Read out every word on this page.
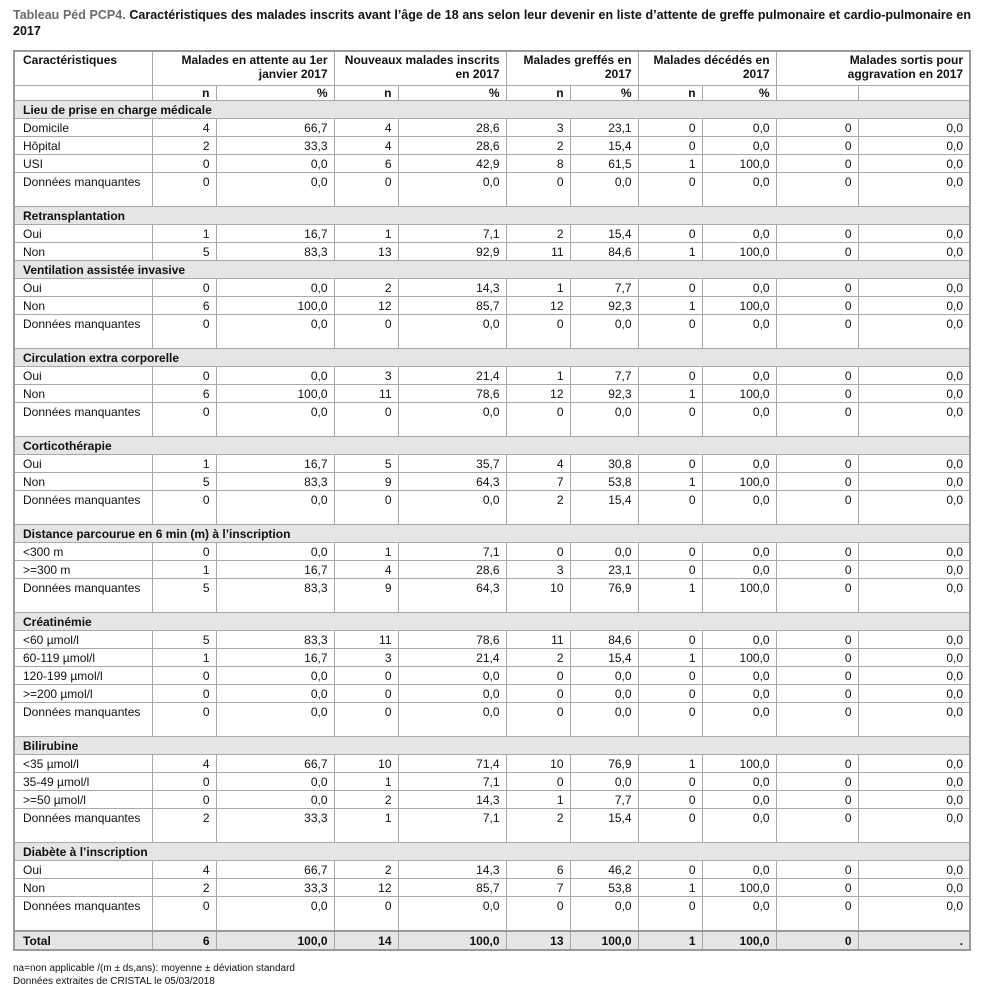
Tableau Péd PCP4. Caractéristiques des malades inscrits avant l’âge de 18 ans selon leur devenir en liste d’attente de greffe pulmonaire et cardio-pulmonaire en 2017

Caractéristiques	Malades en attente au 1er janvier 2017		Nouveaux malades inscrits en 2017		Malades greffés en 2017		Malades décédés en 2017		Malades sortis pour aggravation en 2017	
	n	%	n	%	n	%	n	%		
Lieu de prise en charge médicale										
Domicile	4	66,7	4	28,6	3	23,1	0	0,0	0	0,0
Hôpital	2	33,3	4	28,6	2	15,4	0	0,0	0	0,0
USI	0	0,0	6	42,9	8	61,5	1	100,0	0	0,0
Données manquantes	0	0,0	0	0,0	0	0,0	0	0,0	0	0,0
Retransplantation										
Oui	1	16,7	1	7,1	2	15,4	0	0,0	0	0,0
Non	5	83,3	13	92,9	11	84,6	1	100,0	0	0,0
Ventilation assistée invasive										
Oui	0	0,0	2	14,3	1	7,7	0	0,0	0	0,0
Non	6	100,0	12	85,7	12	92,3	1	100,0	0	0,0
Données manquantes	0	0,0	0	0,0	0	0,0	0	0,0	0	0,0
Circulation extra corporelle										
Oui	0	0,0	3	21,4	1	7,7	0	0,0	0	0,0
Non	6	100,0	11	78,6	12	92,3	1	100,0	0	0,0
Données manquantes	0	0,0	0	0,0	0	0,0	0	0,0	0	0,0
Corticothérapie										
Oui	1	16,7	5	35,7	4	30,8	0	0,0	0	0,0
Non	5	83,3	9	64,3	7	53,8	1	100,0	0	0,0
Données manquantes	0	0,0	0	0,0	2	15,4	0	0,0	0	0,0
Distance parcourue en 6 min (m) à l’inscription										
<300 m	0	0,0	1	7,1	0	0,0	0	0,0	0	0,0
>=300 m	1	16,7	4	28,6	3	23,1	0	0,0	0	0,0
Données manquantes	5	83,3	9	64,3	10	76,9	1	100,0	0	0,0
Créatinémie										
<60 µmol/l	5	83,3	11	78,6	11	84,6	0	0,0	0	0,0
60-119 µmol/l	1	16,7	3	21,4	2	15,4	1	100,0	0	0,0
120-199 µmol/l	0	0,0	0	0,0	0	0,0	0	0,0	0	0,0
>=200 µmol/l	0	0,0	0	0,0	0	0,0	0	0,0	0	0,0
Données manquantes	0	0,0	0	0,0	0	0,0	0	0,0	0	0,0
Bilirubine										
<35 µmol/l	4	66,7	10	71,4	10	76,9	1	100,0	0	0,0
35-49 µmol/l	0	0,0	1	7,1	0	0,0	0	0,0	0	0,0
>=50 µmol/l	0	0,0	2	14,3	1	7,7	0	0,0	0	0,0
Données manquantes	2	33,3	1	7,1	2	15,4	0	0,0	0	0,0
Diabète à l’inscription										
Oui	4	66,7	2	14,3	6	46,2	0	0,0	0	0,0
Non	2	33,3	12	85,7	7	53,8	1	100,0	0	0,0
Données manquantes	0	0,0	0	0,0	0	0,0	0	0,0	0	0,0
Total	6	100,0	14	100,0	13	100,0	1	100,0	0	.
na=non applicable /(m ± ds,ans): moyenne ± déviation standard
Données extraites de CRISTAL le 05/03/2018
